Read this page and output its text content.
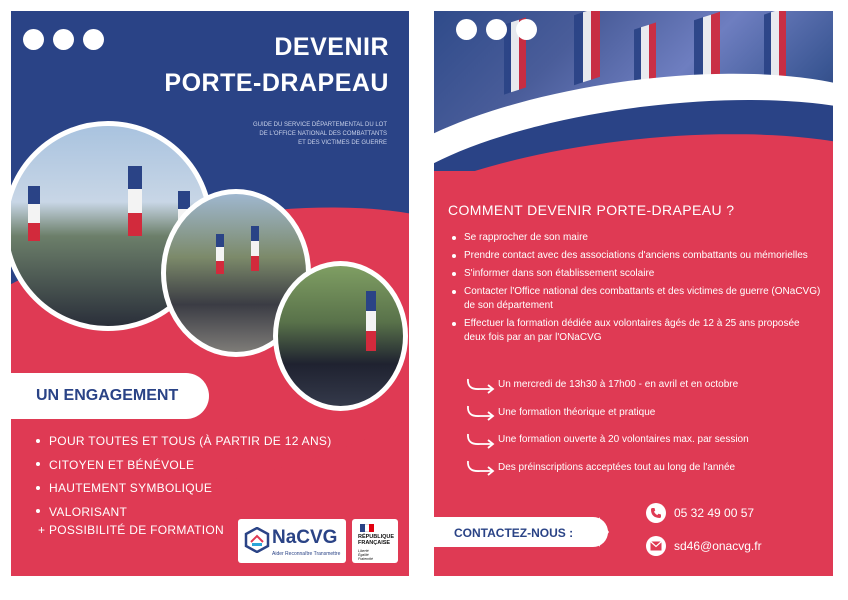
DEVENIR
PORTE-DRAPEAU
GUIDE DU SERVICE DÉPARTEMENTAL DU LOT
DE L'OFFICE NATIONAL DES COMBATTANTS
ET DES VICTIMES DE GUERRE
UN ENGAGEMENT
POUR TOUTES ET TOUS (À PARTIR DE 12 ANS)
CITOYEN ET BÉNÉVOLE
HAUTEMENT SYMBOLIQUE
VALORISANT
+ POSSIBILITÉ DE FORMATION	NaCVG
Aider Reconnaître Transmettre
RÉPUBLIQUE
FRANÇAISE
Liberté
Égalité
Fraternité
COMMENT DEVENIR PORTE-DRAPEAU ?
Se rapprocher de son maire
Prendre contact avec des associations d'anciens combattants ou mémorielles
S'informer dans son établissement scolaire
Contacter l'Office national des combattants et des victimes de guerre (ONaCVG) de son département
Effectuer la formation dédiée aux volontaires âgés de 12 à 25 ans proposée deux fois par an par l'ONaCVG
Un mercredi de 13h30 à 17h00 - en avril et en octobre
Une formation théorique et pratique
Une formation ouverte à 20 volontaires max. par session
Des préinscriptions acceptées tout au long de l'année
CONTACTEZ-NOUS :
05 32 49 00 57
sd46@onacvg.fr
